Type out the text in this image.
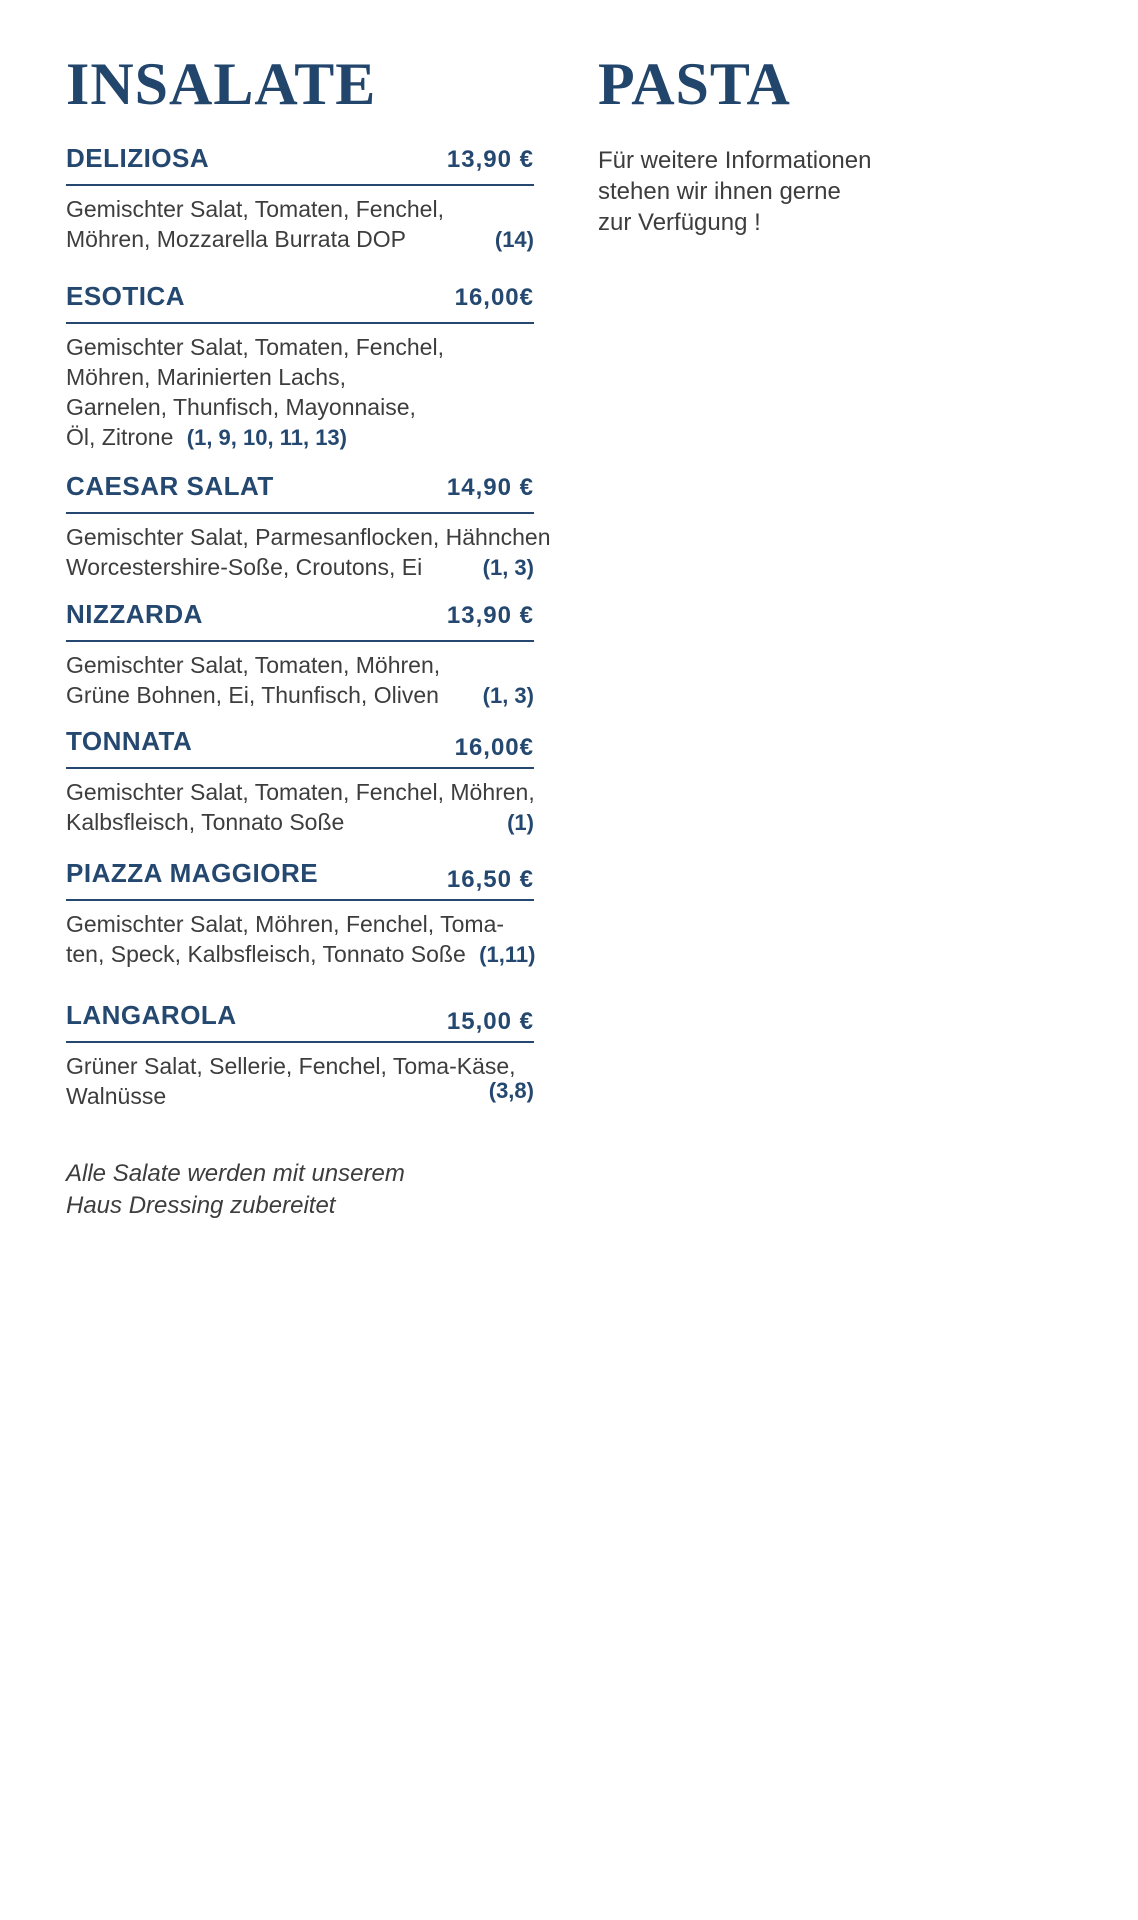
INSALATE
DELIZIOSA	13,90 €
Gemischter Salat, Tomaten, Fenchel,
Möhren, Mozzarella Burrata DOP	(14)
ESOTICA	16,00€
Gemischter Salat, Tomaten, Fenchel,
Möhren, Marinierten Lachs,
Garnelen, Thunfisch, Mayonnaise,
Öl, Zitrone (1, 9, 10, 11, 13)
CAESAR SALAT	14,90 €
Gemischter Salat, Parmesanflocken, Hähnchen
Worcestershire-Soße, Croutons, Ei	(1, 3)
NIZZARDA	13,90 €
Gemischter Salat, Tomaten, Möhren,
Grüne Bohnen, Ei, Thunfisch, Oliven (1, 3)
TONNATA	16,00€
Gemischter Salat, Tomaten, Fenchel, Möhren,
Kalbsfleisch, Tonnato Soße	(1)
PIAZZA MAGGIORE	16,50 €
Gemischter Salat, Möhren, Fenchel, Toma-
ten, Speck, Kalbsfleisch, Tonnato Soße (1,11)
LANGAROLA	15,00 €
Grüner Salat, Sellerie, Fenchel, Toma-Käse,
Walnüsse	(3,8)
Alle Salate werden mit unserem
Haus Dressing zubereitet
PASTA
Für weitere Informationen
stehen wir ihnen gerne
zur Verfügung !
